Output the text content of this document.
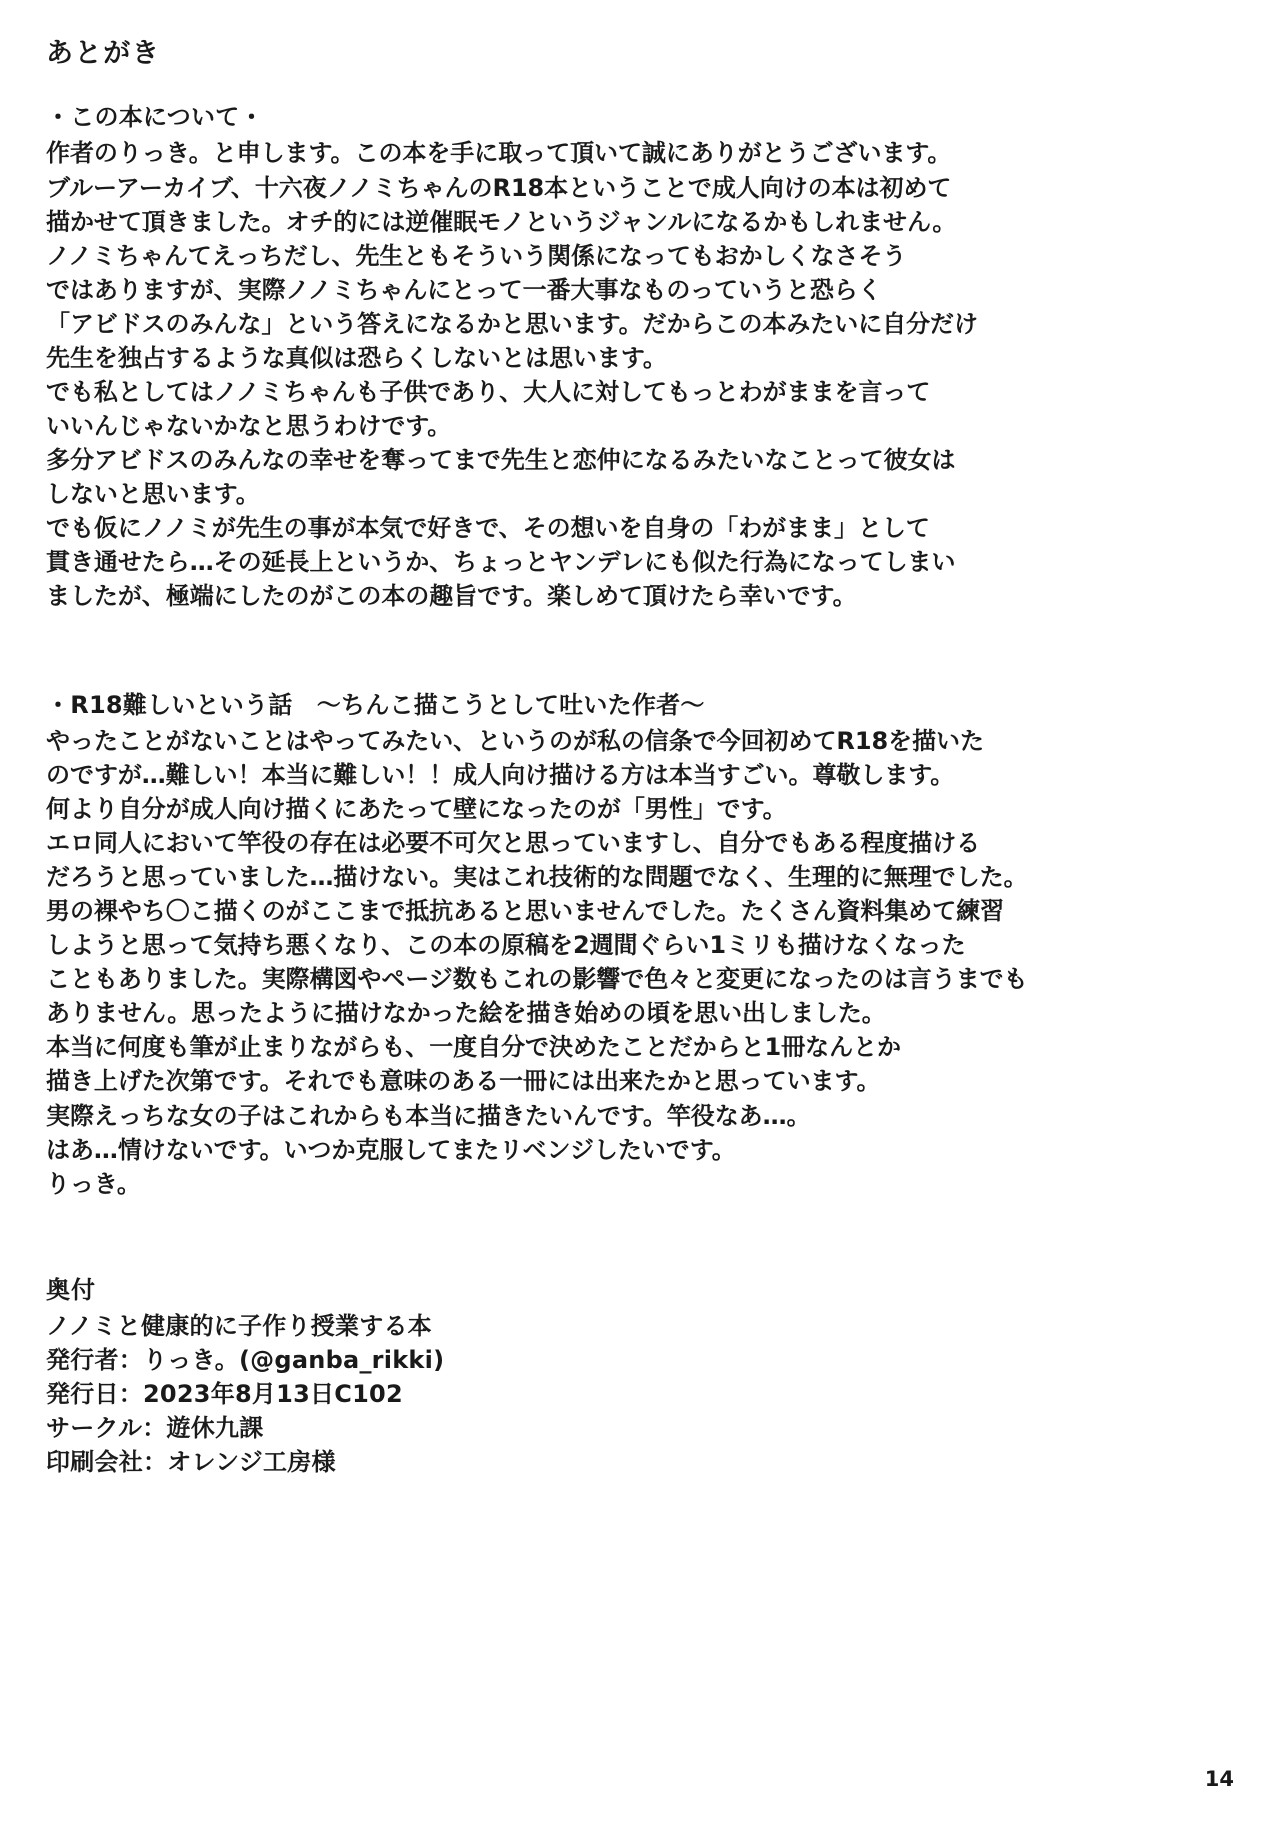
あとがき

・この本について・

作者のりっき。と申します。この本を手に取って頂いて誠にありがとうございます。

ブルーアーカイブ、十六夜ノノミちゃんのR18本ということで成人向けの本は初めて

描かせて頂きました。オチ的には逆催眠モノというジャンルになるかもしれません。

ノノミちゃんてえっちだし、先生ともそういう関係になってもおかしくなさそう

ではありますが、実際ノノミちゃんにとって一番大事なものっていうと恐らく

「アビドスのみんな」という答えになるかと思います。だからこの本みたいに自分だけ

先生を独占するような真似は恐らくしないとは思います。

でも私としてはノノミちゃんも子供であり、大人に対してもっとわがままを言って

いいんじゃないかなと思うわけです。

多分アビドスのみんなの幸せを奪ってまで先生と恋仲になるみたいなことって彼女は

しないと思います。

でも仮にノノミが先生の事が本気で好きで、その想いを自身の「わがまま」として

貫き通せたら…その延長上というか、ちょっとヤンデレにも似た行為になってしまい

ましたが、極端にしたのがこの本の趣旨です。楽しめて頂けたら幸いです。

・R18難しいという話　〜ちんこ描こうとして吐いた作者〜

やったことがないことはやってみたい、というのが私の信条で今回初めてR18を描いた

のですが…難しい！本当に難しい！！成人向け描ける方は本当すごい。尊敬します。

何より自分が成人向け描くにあたって壁になったのが「男性」です。

エロ同人において竿役の存在は必要不可欠と思っていますし、自分でもある程度描ける

だろうと思っていました…描けない。実はこれ技術的な問題でなく、生理的に無理でした。

男の裸やち〇こ描くのがここまで抵抗あると思いませんでした。たくさん資料集めて練習

しようと思って気持ち悪くなり、この本の原稿を2週間ぐらい1ミリも描けなくなった

こともありました。実際構図やページ数もこれの影響で色々と変更になったのは言うまでも

ありません。思ったように描けなかった絵を描き始めの頃を思い出しました。

本当に何度も筆が止まりながらも、一度自分で決めたことだからと1冊なんとか

描き上げた次第です。それでも意味のある一冊には出来たかと思っています。

実際えっちな女の子はこれからも本当に描きたいんです。竿役なあ…。

はあ…情けないです。いつか克服してまたリベンジしたいです。

りっき。

奥付

ノノミと健康的に子作り授業する本

発行者：りっき。(@ganba_rikki)

発行日：2023年8月13日C102

サークル：遊休九課

印刷会社：オレンジ工房様

14
